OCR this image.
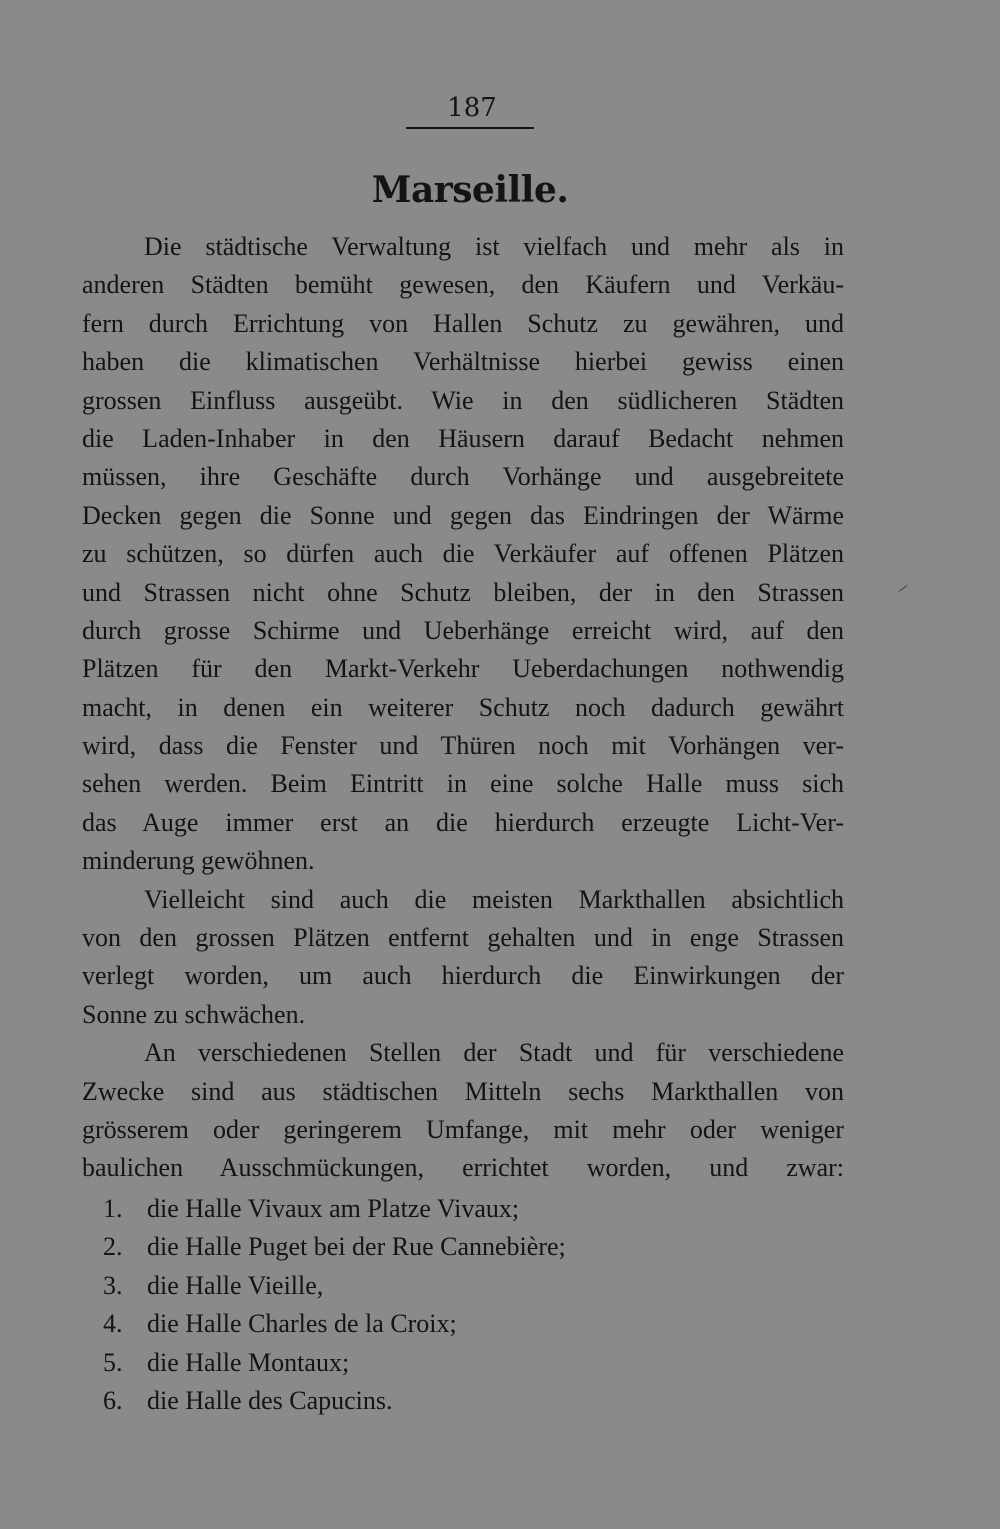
187
Marseille.
Die städtische Verwaltung ist vielfach und mehr als in
anderen Städten bemüht gewesen, den Käufern und Verkäu-
fern durch Errichtung von Hallen Schutz zu gewähren, und
haben die klimatischen Verhältnisse hierbei gewiss einen
grossen Einfluss ausgeübt. Wie in den südlicheren Städten
die Laden-Inhaber in den Häusern darauf Bedacht nehmen
müssen, ihre Geschäfte durch Vorhänge und ausgebreitete
Decken gegen die Sonne und gegen das Eindringen der Wärme
zu schützen, so dürfen auch die Verkäufer auf offenen Plätzen
und Strassen nicht ohne Schutz bleiben, der in den Strassen
durch grosse Schirme und Ueberhänge erreicht wird, auf den
Plätzen für den Markt-Verkehr Ueberdachungen nothwendig
macht, in denen ein weiterer Schutz noch dadurch gewährt
wird, dass die Fenster und Thüren noch mit Vorhängen ver-
sehen werden. Beim Eintritt in eine solche Halle muss sich
das Auge immer erst an die hierdurch erzeugte Licht-Ver-
minderung gewöhnen.
Vielleicht sind auch die meisten Markthallen absichtlich
von den grossen Plätzen entfernt gehalten und in enge Strassen
verlegt worden, um auch hierdurch die Einwirkungen der
Sonne zu schwächen.
An verschiedenen Stellen der Stadt und für verschiedene
Zwecke sind aus städtischen Mitteln sechs Markthallen von
grösserem oder geringerem Umfange, mit mehr oder weniger
baulichen Ausschmückungen, errichtet worden, und zwar:
1. die Halle Vivaux am Platze Vivaux;
2. die Halle Puget bei der Rue Cannebière;
3. die Halle Vieille,
4. die Halle Charles de la Croix;
5. die Halle Montaux;
6. die Halle des Capucins.
